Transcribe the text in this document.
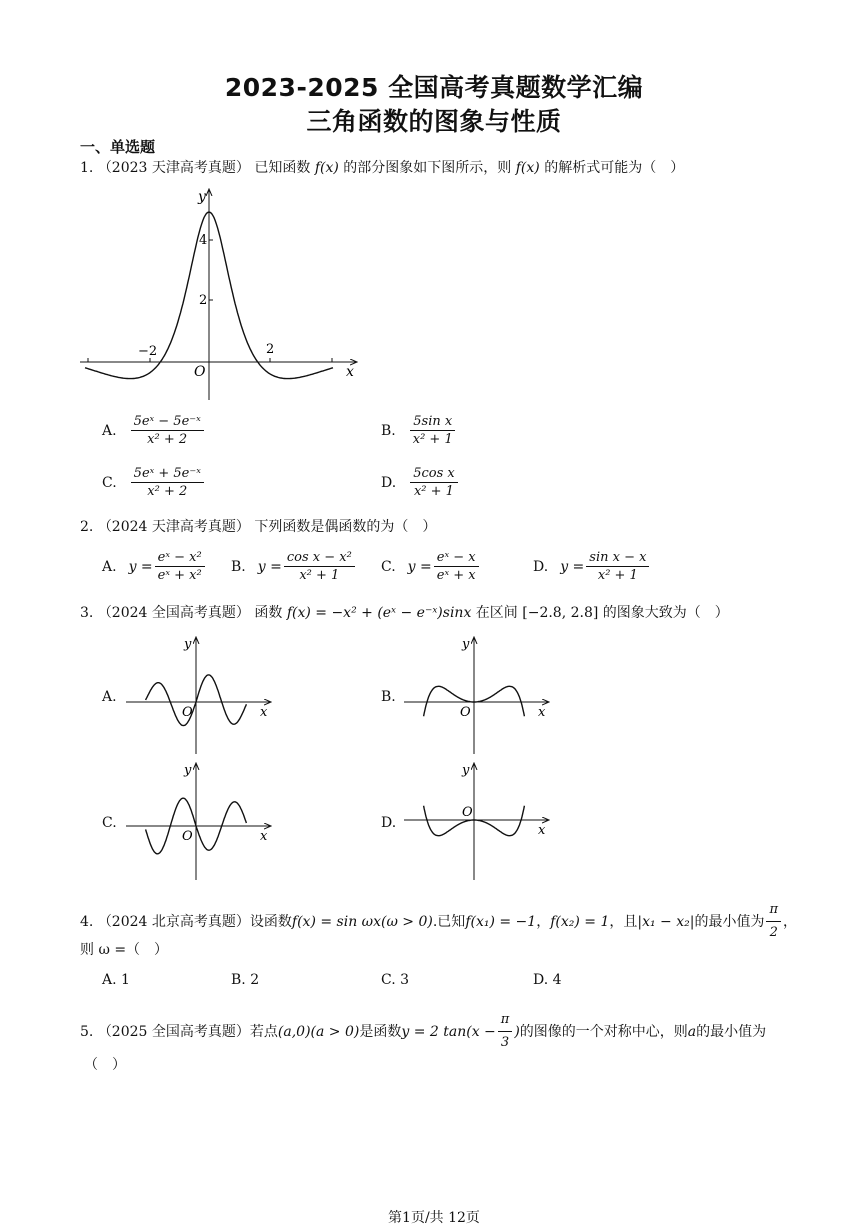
2023-2025 全国高考真题数学汇编
三角函数的图象与性质
一、单选题
1. （2023 天津高考真题） 已知函数 f(x) 的部分图象如下图所示，则 f(x) 的解析式可能为（　）
y
x
O
4
2
−2	2
A. $\frac{\text{5eˣ − 5e⁻ˣ}}{\text{x² + 2}}$	B. $\frac{\text{5sin x}}{\text{x² + 1}}$
C. $\frac{\text{5eˣ + 5e⁻ˣ}}{\text{x² + 2}}$	D. $\frac{\text{5cos x}}{\text{x² + 1}}$
2. （2024 天津高考真题） 下列函数是偶函数的为（　）
A. $y = \frac{\text{eˣ − x²}}{\text{eˣ + x²}} B$. $y = \frac{\text{cos x − x²}}{\text{x² + 1}} C$. $y = \frac{\text{eˣ − x}}{\text{eˣ + x}}$	D. $y = \frac{\text{sin x − x}}{\text{x² + 1}}$
3. （2024 全国高考真题） 函数 f(x) = −x² + (eˣ − e⁻ˣ)sinx 在区间 [−2.8, 2.8] 的图象大致为（　）
A.
y
x
O
B.
y
x
O
C.
y
x
O
D.
y
x
O
4.
（2024 北京高考真题） 设函数 f(x) = sin ωx(ω > 0) .已知 f(x₁) = −1 ， f(x₂) = 1 ，且 |x₁ − x₂| 的最小值为 $\frac{\pi}{2}$ ，
则 ω =（　）
A. 1	B. 2	C. 3	D. 4
5.
（2025 全国高考真题） 若点 (a,0)(a > 0) 是函数 y = 2 $\tan(x - \frac{\pi}{3}$ ) 的图像的一个对称中心，则 a 的最小值为
（　）
第1页/共 12页
